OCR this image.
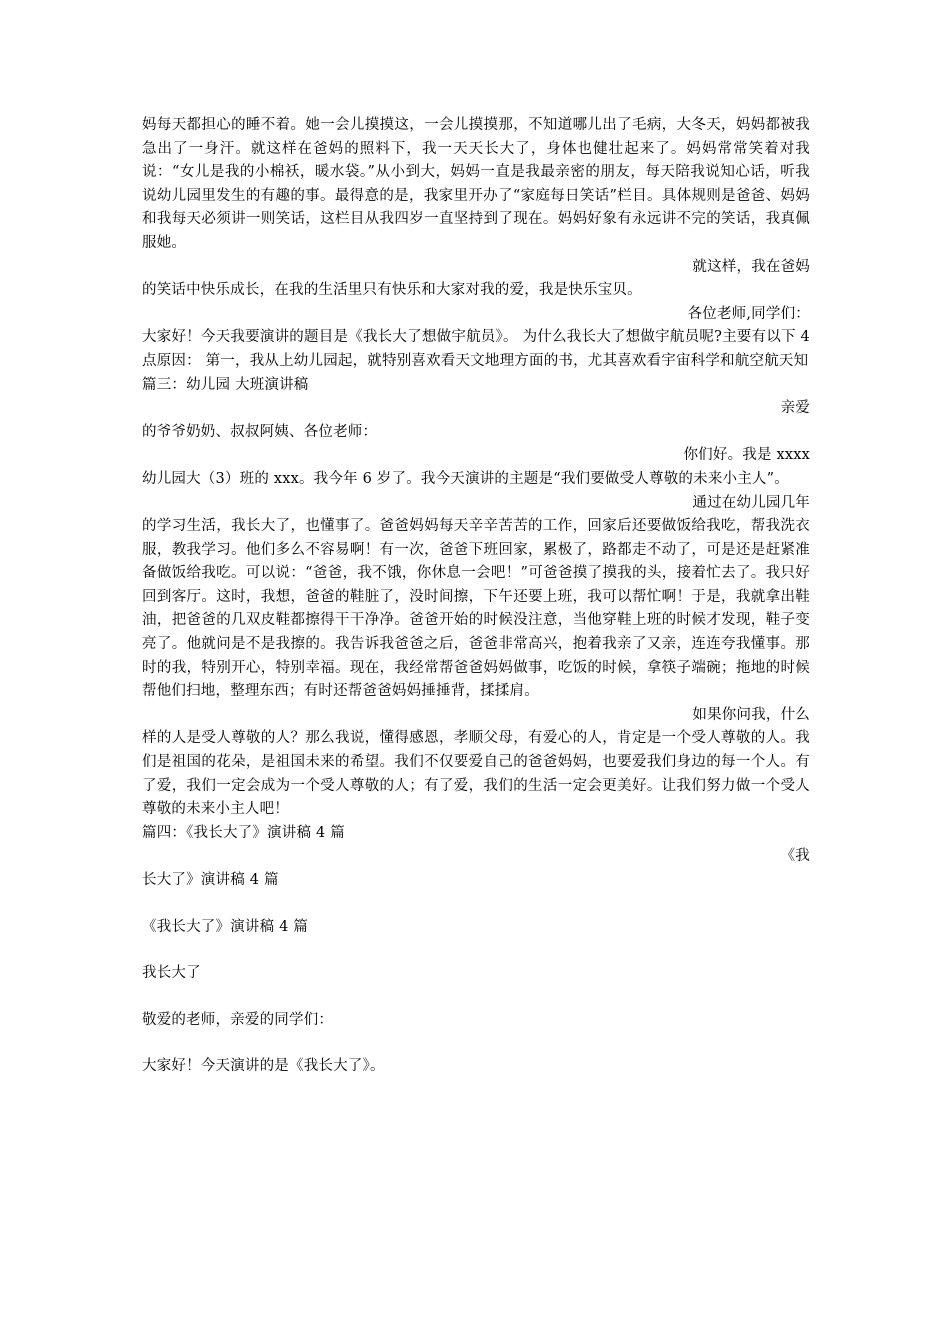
妈每天都担心的睡不着。她一会儿摸摸这，一会儿摸摸那，不知道哪儿出了毛病，大冬天，妈妈都被我急出了一身汗。就这样在爸妈的照料下，我一天天长大了，身体也健壮起来了。妈妈常常笑着对我说：“女儿是我的小棉袄，暖水袋。”从小到大，妈妈一直是我最亲密的朋友，每天陪我说知心话，听我说幼儿园里发生的有趣的事。最得意的是，我家里开办了“家庭每日笑话”栏目。具体规则是爸爸、妈妈和我每天必须讲一则笑话，这栏目从我四岁一直坚持到了现在。妈妈好象有永远讲不完的笑话，我真佩服她。

就这样，我在爸妈

的笑话中快乐成长，在我的生活里只有快乐和大家对我的爱，我是快乐宝贝。

各位老师,同学们：

大家好！今天我要演讲的题目是《我长大了想做宇航员》。 为什么我长大了想做宇航员呢?主要有以下 4 点原因： 第一，我从上幼儿园起，就特别喜欢看天文地理方面的书，尤其喜欢看宇宙科学和航空航天知

篇三：幼儿园 大班演讲稿

亲爱

的爷爷奶奶、叔叔阿姨、各位老师：

你们好。我是 xxxx

幼儿园大（3）班的 xxx。我今年 6 岁了。我今天演讲的主题是“我们要做受人尊敬的未来小主人”。

通过在幼儿园几年

的学习生活，我长大了，也懂事了。爸爸妈妈每天辛辛苦苦的工作，回家后还要做饭给我吃，帮我洗衣服，教我学习。他们多么不容易啊！有一次，爸爸下班回家，累极了，路都走不动了，可是还是赶紧准备做饭给我吃。可以说：“爸爸，我不饿，你休息一会吧！”可爸爸摸了摸我的头，接着忙去了。我只好回到客厅。这时，我想，爸爸的鞋脏了，没时间擦，下午还要上班，我可以帮忙啊！于是，我就拿出鞋油，把爸爸的几双皮鞋都擦得干干净净。爸爸开始的时候没注意，当他穿鞋上班的时候才发现，鞋子变亮了。他就问是不是我擦的。我告诉我爸爸之后，爸爸非常高兴，抱着我亲了又亲，连连夸我懂事。那时的我，特别开心，特别幸福。现在，我经常帮爸爸妈妈做事，吃饭的时候，拿筷子端碗；拖地的时候帮他们扫地，整理东西；有时还帮爸爸妈妈捶捶背，揉揉肩。

如果你问我，什么

样的人是受人尊敬的人？那么我说，懂得感恩，孝顺父母，有爱心的人，肯定是一个受人尊敬的人。我们是祖国的花朵，是祖国未来的希望。我们不仅要爱自己的爸爸妈妈，也要爱我们身边的每一个人。有了爱，我们一定会成为一个受人尊敬的人；有了爱，我们的生活一定会更美好。让我们努力做一个受人尊敬的未来小主人吧！

篇四：《我长大了》演讲稿 4 篇

《我

长大了》演讲稿 4 篇

《我长大了》演讲稿 4 篇

我长大了

敬爱的老师，亲爱的同学们：

大家好！今天演讲的是《我长大了》。
